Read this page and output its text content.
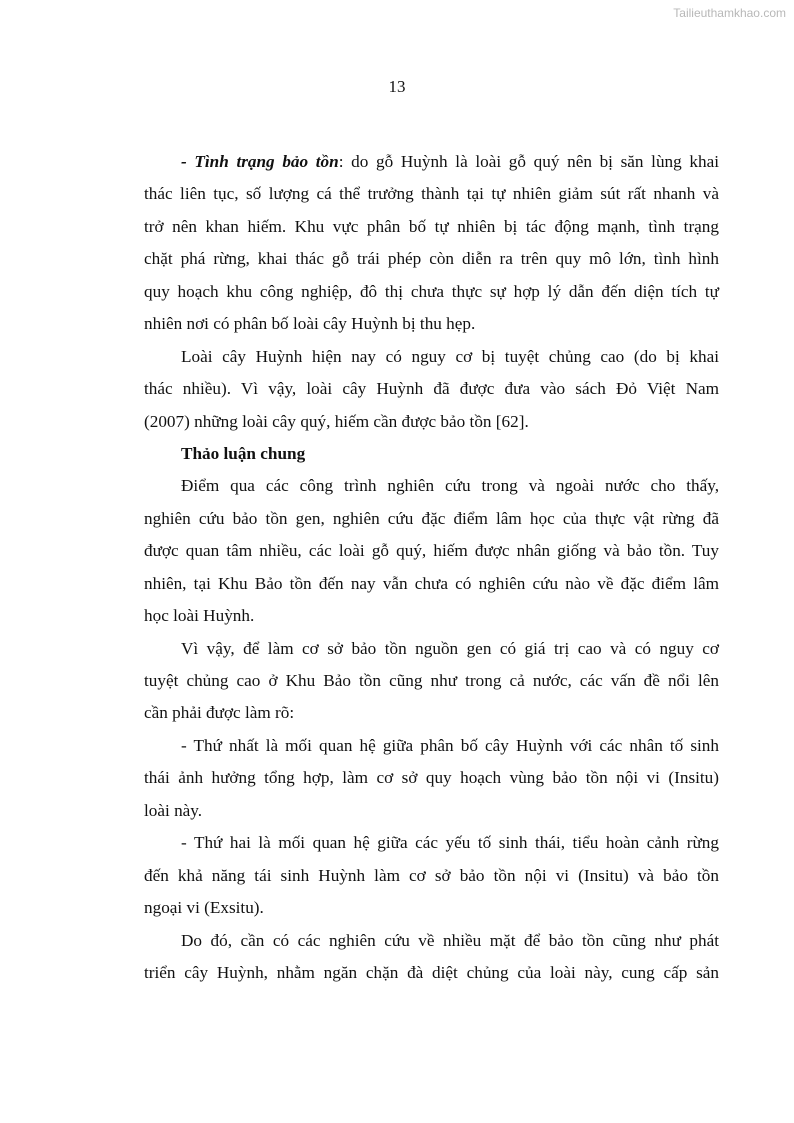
Tailieuthamkhao.com
13
- Tình trạng bảo tồn: do gỗ Huỳnh là loài gỗ quý nên bị săn lùng khai
thác liên tục, số lượng cá thể trưởng thành tại tự nhiên giảm sút rất nhanh và
trở nên khan hiếm. Khu vực phân bố tự nhiên bị tác động mạnh, tình trạng
chặt phá rừng, khai thác gỗ trái phép còn diễn ra trên quy mô lớn, tình hình
quy hoạch khu công nghiệp, đô thị chưa thực sự hợp lý dẫn đến diện tích tự
nhiên nơi có phân bố loài cây Huỳnh bị thu hẹp.
Loài cây Huỳnh hiện nay có nguy cơ bị tuyệt chủng cao (do bị khai
thác nhiều). Vì vậy, loài cây Huỳnh đã được đưa vào sách Đỏ Việt Nam
(2007) những loài cây quý, hiếm cần được bảo tồn [62].
Thảo luận chung
Điểm qua các công trình nghiên cứu trong và ngoài nước cho thấy,
nghiên cứu bảo tồn gen, nghiên cứu đặc điểm lâm học của thực vật rừng đã
được quan tâm nhiều, các loài gỗ quý, hiếm được nhân giống và bảo tồn. Tuy
nhiên, tại Khu Bảo tồn đến nay vẫn chưa có nghiên cứu nào về đặc điểm lâm
học loài Huỳnh.
Vì vậy, để làm cơ sở bảo tồn nguồn gen có giá trị cao và có nguy cơ
tuyệt chủng cao ở Khu Bảo tồn cũng như trong cả nước, các vấn đề nổi lên
cần phải được làm rõ:
- Thứ nhất là mối quan hệ giữa phân bố cây Huỳnh với các nhân tố sinh
thái ảnh hưởng tổng hợp, làm cơ sở quy hoạch vùng bảo tồn nội vi (Insitu)
loài này.
- Thứ hai là mối quan hệ giữa các yếu tố sinh thái, tiểu hoàn cảnh rừng
đến khả năng tái sinh Huỳnh làm cơ sở bảo tồn nội vi (Insitu) và bảo tồn
ngoại vi (Exsitu).
Do đó, cần có các nghiên cứu về nhiều mặt để bảo tồn cũng như phát
triển cây Huỳnh, nhằm ngăn chặn đà diệt chủng của loài này, cung cấp sản
